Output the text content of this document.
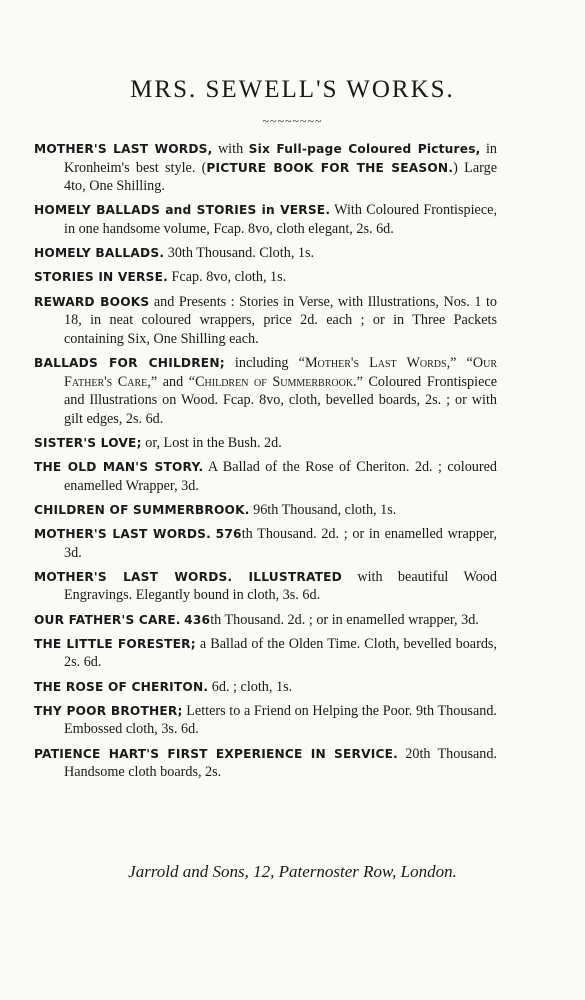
MRS. SEWELL'S WORKS.
~~~~~~~~

MOTHER'S LAST WORDS, with Six Full-page Coloured Pictures, in Kronheim's best style. (PICTURE BOOK FOR THE SEASON.) Large 4to, One Shilling.

HOMELY BALLADS and STORIES in VERSE. With Coloured Frontispiece, in one handsome volume, Fcap. 8vo, cloth elegant, 2s. 6d.

HOMELY BALLADS. 30th Thousand. Cloth, 1s.

STORIES IN VERSE. Fcap. 8vo, cloth, 1s.

REWARD BOOKS and Presents : Stories in Verse, with Illustrations, Nos. 1 to 18, in neat coloured wrappers, price 2d. each ; or in Three Packets containing Six, One Shilling each.

BALLADS FOR CHILDREN; including “Mother's Last Words,” “Our Father's Care,” and “Children of Summerbrook.” Coloured Frontispiece and Illustrations on Wood. Fcap. 8vo, cloth, bevelled boards, 2s. ; or with gilt edges, 2s. 6d.

SISTER'S LOVE; or, Lost in the Bush. 2d.

THE OLD MAN'S STORY. A Ballad of the Rose of Cheriton. 2d. ; coloured enamelled Wrapper, 3d.

CHILDREN OF SUMMERBROOK. 96th Thousand, cloth, 1s.

MOTHER'S LAST WORDS. 576th Thousand. 2d. ; or in enamelled wrapper, 3d.

MOTHER'S LAST WORDS. ILLUSTRATED with beautiful Wood Engravings. Elegantly bound in cloth, 3s. 6d.

OUR FATHER'S CARE. 436th Thousand. 2d. ; or in enamelled wrapper, 3d.

THE LITTLE FORESTER; a Ballad of the Olden Time. Cloth, bevelled boards, 2s. 6d.

THE ROSE OF CHERITON. 6d. ; cloth, 1s.

THY POOR BROTHER; Letters to a Friend on Helping the Poor. 9th Thousand. Embossed cloth, 3s. 6d.

PATIENCE HART'S FIRST EXPERIENCE IN SERVICE. 20th Thousand. Handsome cloth boards, 2s.

Jarrold and Sons, 12, Paternoster Row, London.
